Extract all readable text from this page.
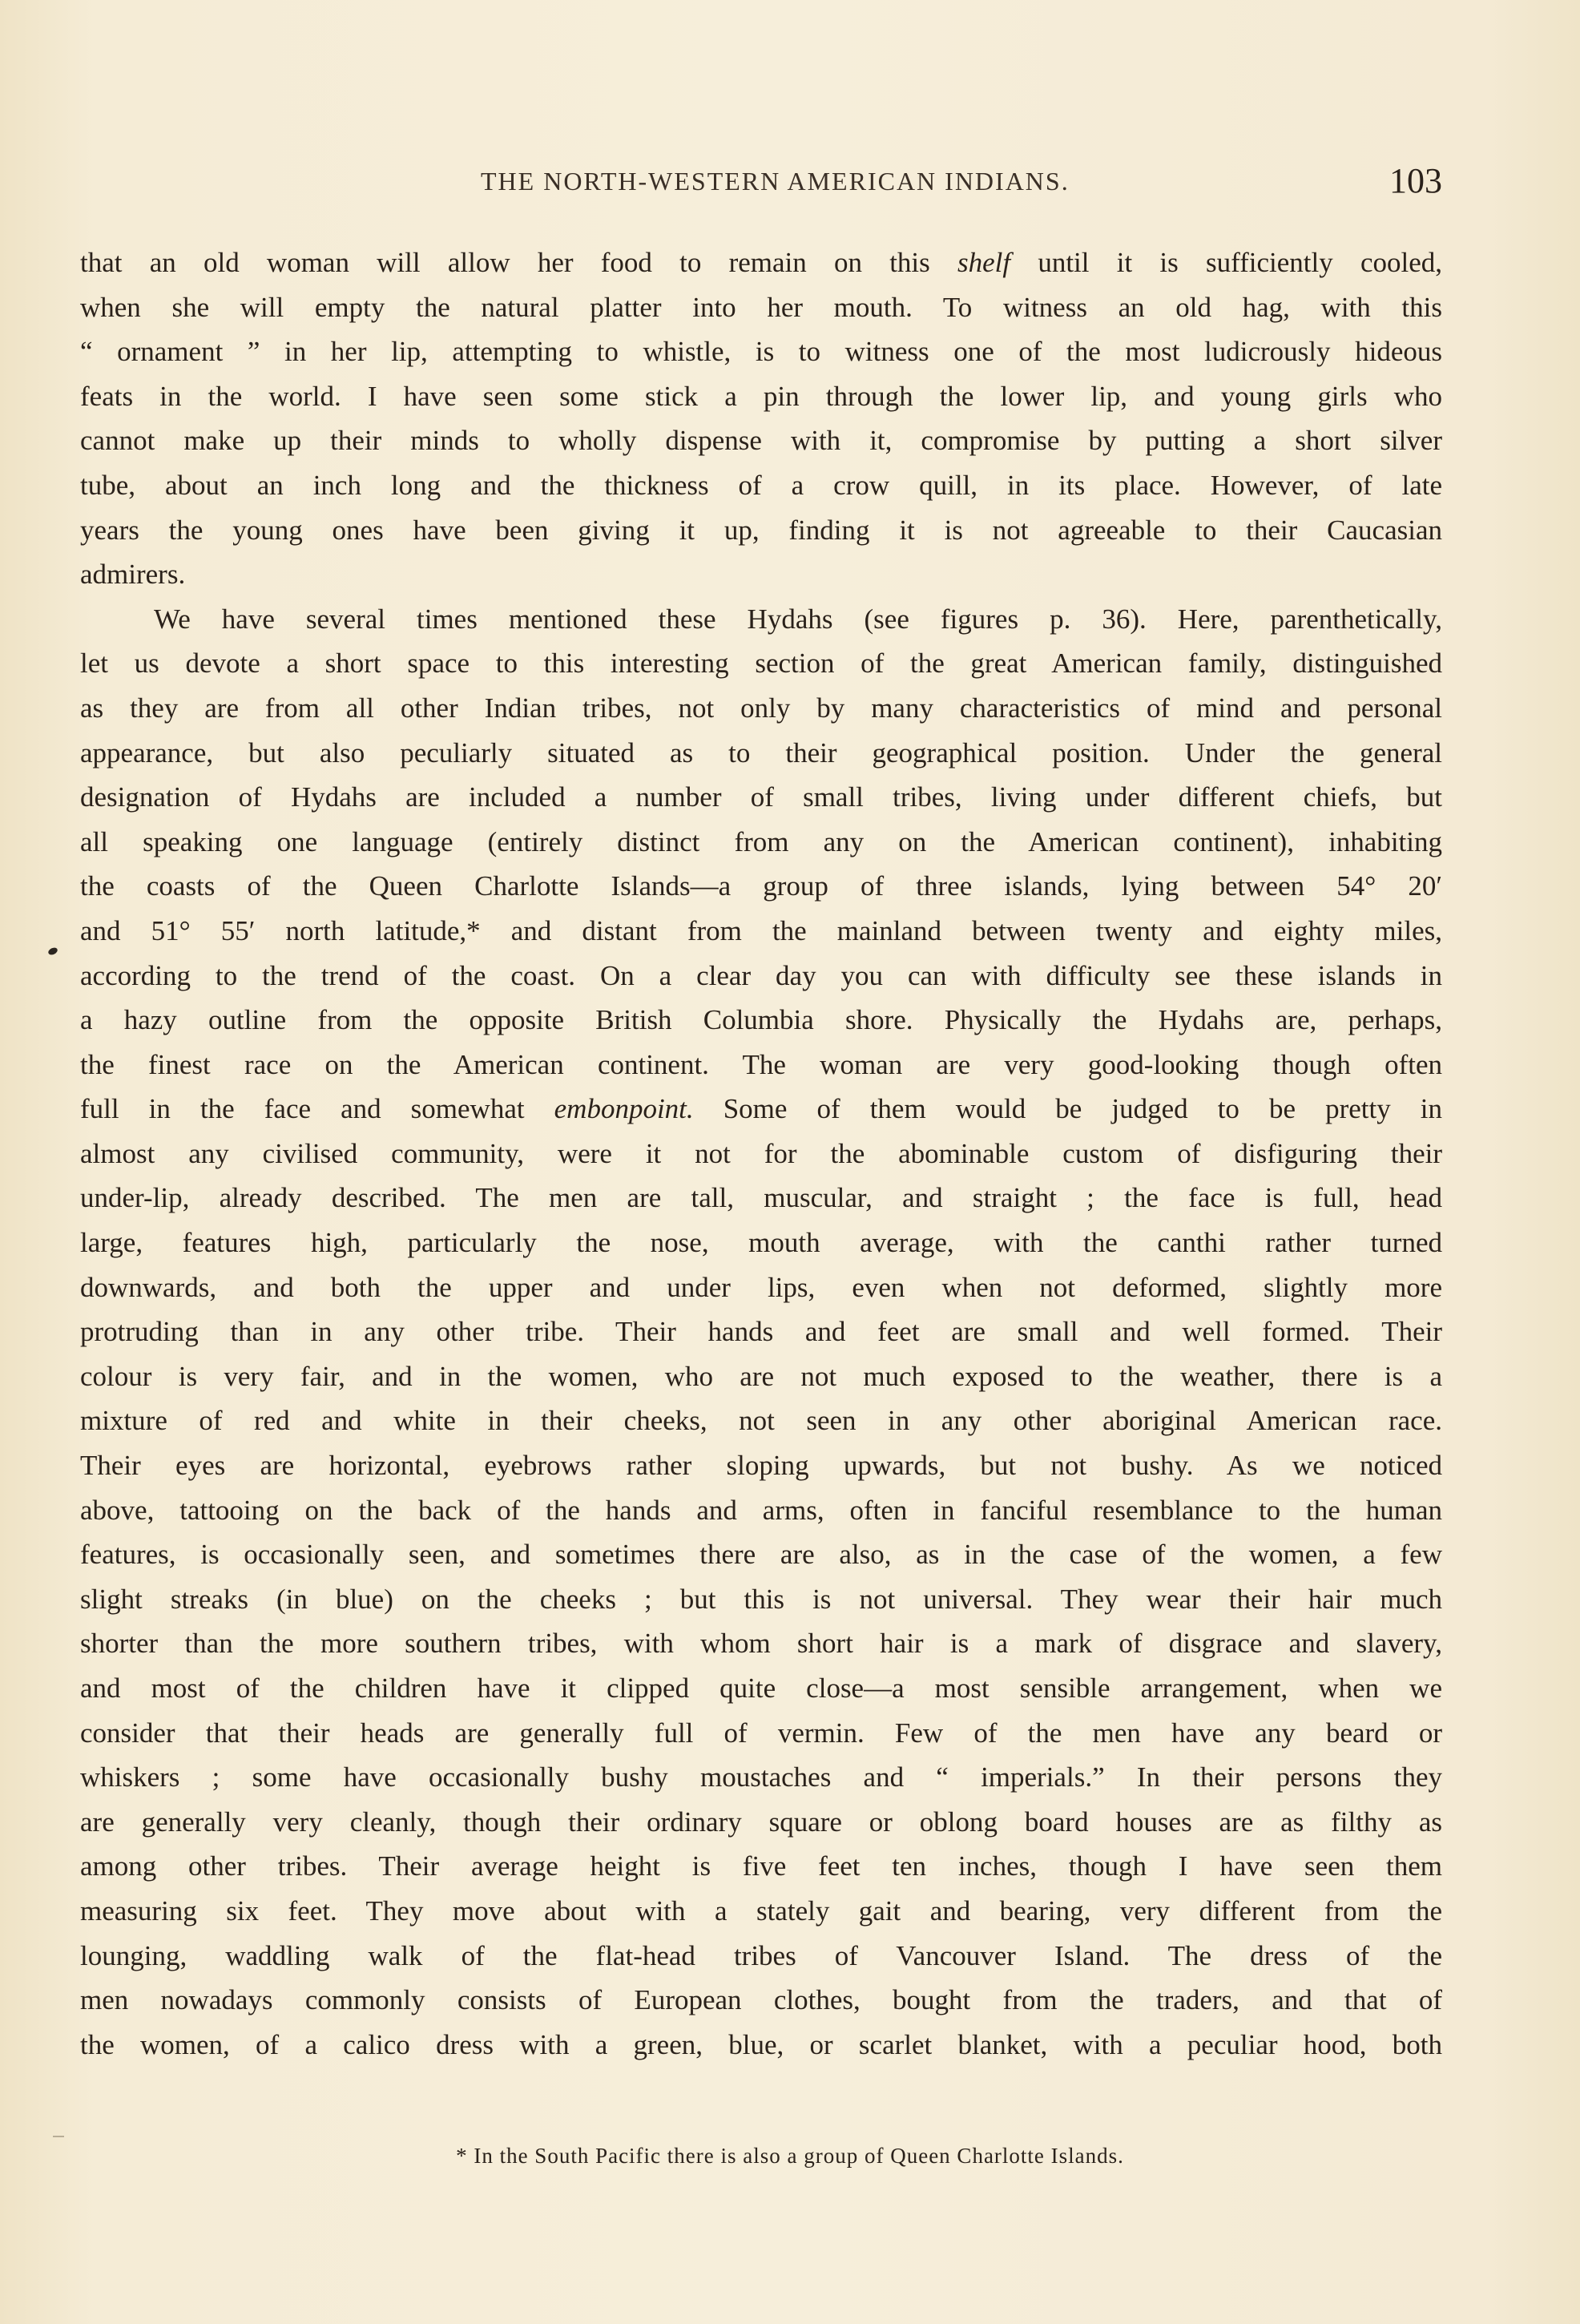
THE NORTH-WESTERN AMERICAN INDIANS.	103
that an old woman will allow her food to remain on this shelf until it is sufficiently cooled,
when she will empty the natural platter into her mouth. To witness an old hag, with this
“ ornament ” in her lip, attempting to whistle, is to witness one of the most ludicrously hideous
feats in the world. I have seen some stick a pin through the lower lip, and young girls who
cannot make up their minds to wholly dispense with it, compromise by putting a short silver
tube, about an inch long and the thickness of a crow quill, in its place. However, of late
years the young ones have been giving it up, finding it is not agreeable to their Caucasian
admirers.
We have several times mentioned these Hydahs (see figures p. 36). Here, parenthetically,
let us devote a short space to this interesting section of the great American family, distinguished
as they are from all other Indian tribes, not only by many characteristics of mind and personal
appearance, but also peculiarly situated as to their geographical position. Under the general
designation of Hydahs are included a number of small tribes, living under different chiefs, but
all speaking one language (entirely distinct from any on the American continent), inhabiting
the coasts of the Queen Charlotte Islands—a group of three islands, lying between 54° 20′
and 51° 55′ north latitude,* and distant from the mainland between twenty and eighty miles,
according to the trend of the coast. On a clear day you can with difficulty see these islands in
a hazy outline from the opposite British Columbia shore. Physically the Hydahs are, perhaps,
the finest race on the American continent. The woman are very good-looking though often
full in the face and somewhat embonpoint. Some of them would be judged to be pretty in
almost any civilised community, were it not for the abominable custom of disfiguring their
under-lip, already described. The men are tall, muscular, and straight ; the face is full, head
large, features high, particularly the nose, mouth average, with the canthi rather turned
downwards, and both the upper and under lips, even when not deformed, slightly more
protruding than in any other tribe. Their hands and feet are small and well formed. Their
colour is very fair, and in the women, who are not much exposed to the weather, there is a
mixture of red and white in their cheeks, not seen in any other aboriginal American race.
Their eyes are horizontal, eyebrows rather sloping upwards, but not bushy. As we noticed
above, tattooing on the back of the hands and arms, often in fanciful resemblance to the human
features, is occasionally seen, and sometimes there are also, as in the case of the women, a few
slight streaks (in blue) on the cheeks ; but this is not universal. They wear their hair much
shorter than the more southern tribes, with whom short hair is a mark of disgrace and slavery,
and most of the children have it clipped quite close—a most sensible arrangement, when we
consider that their heads are generally full of vermin. Few of the men have any beard or
whiskers ; some have occasionally bushy moustaches and “ imperials.” In their persons they
are generally very cleanly, though their ordinary square or oblong board houses are as filthy as
among other tribes. Their average height is five feet ten inches, though I have seen them
measuring six feet. They move about with a stately gait and bearing, very different from the
lounging, waddling walk of the flat-head tribes of Vancouver Island. The dress of the
men nowadays commonly consists of European clothes, bought from the traders, and that of
the women, of a calico dress with a green, blue, or scarlet blanket, with a peculiar hood, both
* In the South Pacific there is also a group of Queen Charlotte Islands.
